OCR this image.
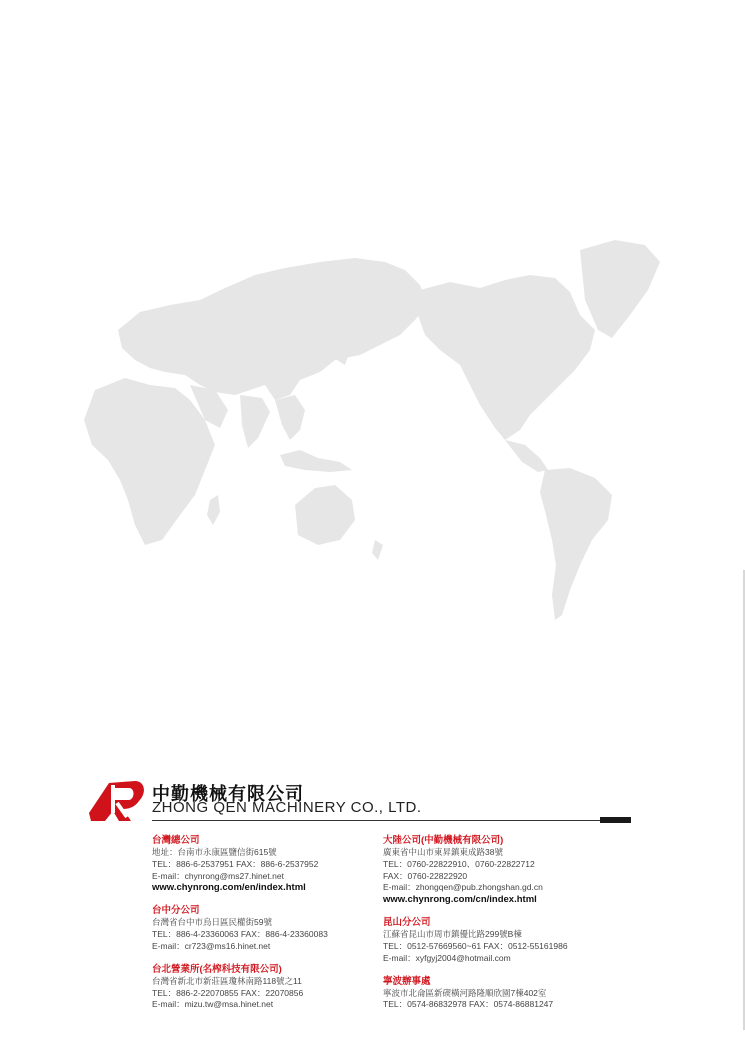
中勤機械有限公司
ZHONG QEN MACHINERY CO., LTD.
台灣總公司
地址：台南市永康區鹽信街615號
TEL：886-6-2537951 FAX：886-6-2537952
E-mail：chynrong@ms27.hinet.net
www.chynrong.com/en/index.html
台中分公司
台灣省台中市烏日區民權街59號
TEL：886-4-23360063 FAX：886-4-23360083
E-mail：cr723@ms16.hinet.net
台北營業所(名榨科技有限公司)
台灣省新北市新莊區瓊林南路118號之11
TEL：886-2-22070855 FAX：22070856
E-mail：mizu.tw@msa.hinet.net
大陸公司(中勤機械有限公司)
廣東省中山市東昇鎮東成路38號
TEL：0760-22822910、0760-22822712
FAX：0760-22822920
E-mail：zhongqen@pub.zhongshan.gd.cn
www.chynrong.com/cn/index.html
昆山分公司
江蘇省昆山市周市鎮優比路299號B棟
TEL：0512-57669560~61 FAX：0512-55161986
E-mail：xyfgyj2004@hotmail.com
寧波辦事處
寧波市北侖區新碶橫河路隆順欣園7棟402室
TEL：0574-86832978 FAX：0574-86881247
